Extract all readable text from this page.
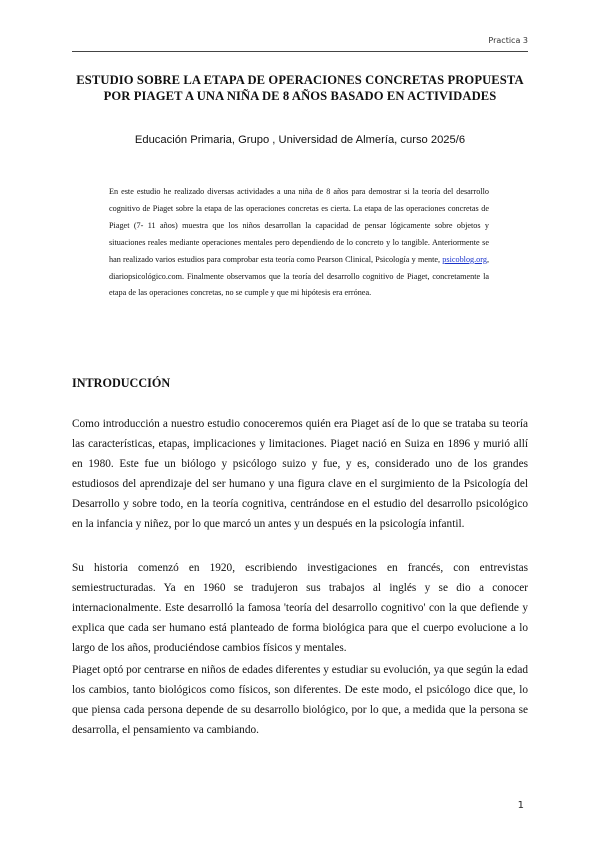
Practica 3
ESTUDIO SOBRE LA ETAPA DE OPERACIONES CONCRETAS PROPUESTA POR PIAGET A UNA NIÑA DE 8 AÑOS BASADO EN ACTIVIDADES

Educación Primaria, Grupo , Universidad de Almería, curso 2025/6

En este estudio he realizado diversas actividades a una niña de 8 años para demostrar si la teoría del desarrollo cognitivo de Piaget sobre la etapa de las operaciones concretas es cierta. La etapa de las operaciones concretas de Piaget (7- 11 años) muestra que los niños desarrollan la capacidad de pensar lógicamente sobre objetos y situaciones reales mediante operaciones mentales pero dependiendo de lo concreto y lo tangible. Anteriormente se han realizado varios estudios para comprobar esta teoría como Pearson Clinical, Psicología y mente, psicoblog.org, diariopsicológico.com. Finalmente observamos que la teoría del desarrollo cognitivo de Piaget, concretamente la etapa de las operaciones concretas, no se cumple y que mi hipótesis era errónea.

INTRODUCCIÓN

Como introducción a nuestro estudio conoceremos quién era Piaget así de lo que se trataba su teoría las características, etapas, implicaciones y limitaciones. Piaget nació en Suiza en 1896 y murió allí en 1980. Este fue un biólogo y psicólogo suizo y fue, y es, considerado uno de los grandes estudiosos del aprendizaje del ser humano y una figura clave en el surgimiento de la Psicología del Desarrollo y sobre todo, en la teoría cognitiva, centrándose en el estudio del desarrollo psicológico en la infancia y niñez, por lo que marcó un antes y un después en la psicología infantil.

Su historia comenzó en 1920, escribiendo investigaciones en francés, con entrevistas semiestructuradas. Ya en 1960 se tradujeron sus trabajos al inglés y se dio a conocer internacionalmente. Este desarrolló la famosa 'teoría del desarrollo cognitivo' con la que defiende y explica que cada ser humano está planteado de forma biológica para que el cuerpo evolucione a lo largo de los años, produciéndose cambios físicos y mentales.

Piaget optó por centrarse en niños de edades diferentes y estudiar su evolución, ya que según la edad los cambios, tanto biológicos como físicos, son diferentes. De este modo, el psicólogo dice que, lo que piensa cada persona depende de su desarrollo biológico, por lo que, a medida que la persona se desarrolla, el pensamiento va cambiando.

1
